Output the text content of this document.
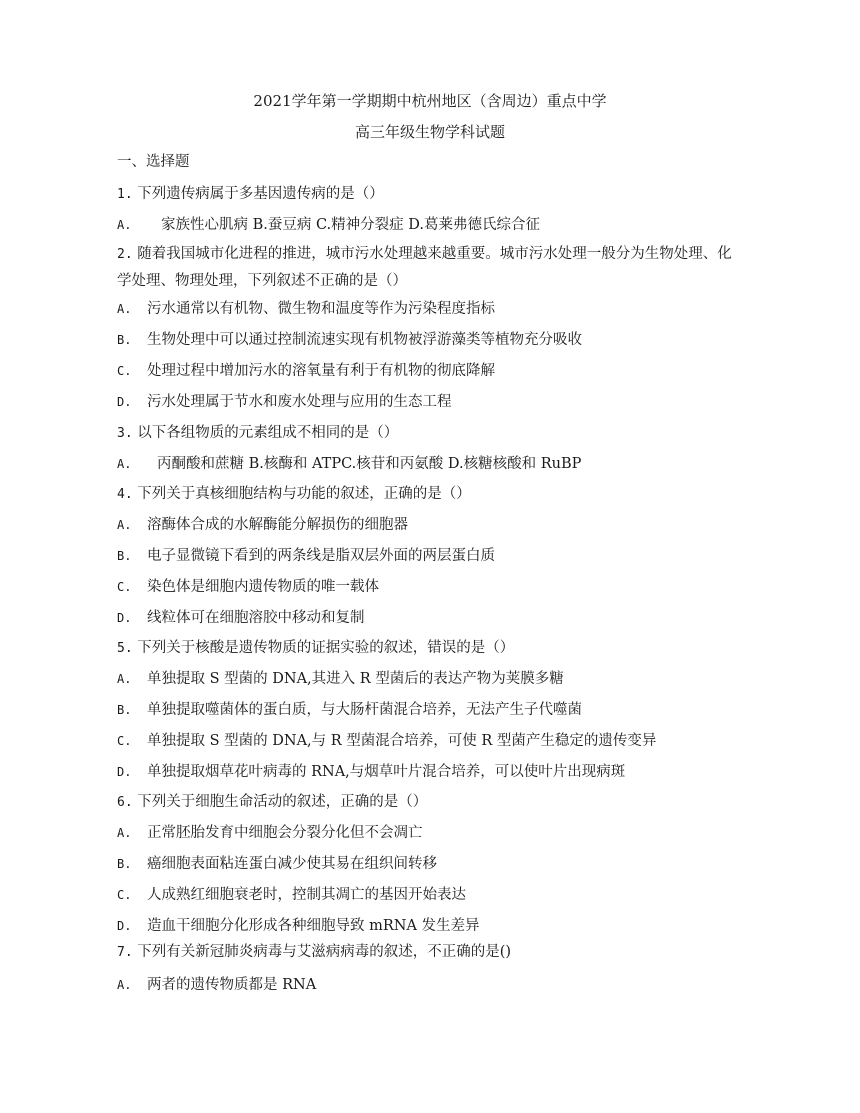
2021学年第一学期期中杭州地区（含周边）重点中学
高三年级生物学科试题
一、选择题
1. 下列遗传病属于多基因遗传病的是（）
A. 家族性心肌病 B.蚕豆病 C.精神分裂症 D.葛莱弗德氏综合征
2. 随着我国城市化进程的推进，城市污水处理越来越重要。城市污水处理一般分为生物处理、化学处理、物理处理，下列叙述不正确的是（）
A. 污水通常以有机物、微生物和温度等作为污染程度指标
B. 生物处理中可以通过控制流速实现有机物被浮游藻类等植物充分吸收
C. 处理过程中增加污水的溶氧量有利于有机物的彻底降解
D. 污水处理属于节水和废水处理与应用的生态工程
3. 以下各组物质的元素组成不相同的是（）
A. 丙酮酸和蔗糖 B.核酶和 ATPC.核苷和丙氨酸 D.核糖核酸和 RuBP
4. 下列关于真核细胞结构与功能的叙述，正确的是（）
A. 溶酶体合成的水解酶能分解损伤的细胞器
B. 电子显微镜下看到的两条线是脂双层外面的两层蛋白质
C. 染色体是细胞内遗传物质的唯一载体
D. 线粒体可在细胞溶胶中移动和复制
5. 下列关于核酸是遗传物质的证据实验的叙述，错误的是（）
A. 单独提取 S 型菌的 DNA,其进入 R 型菌后的表达产物为荚膜多糖
B. 单独提取噬菌体的蛋白质，与大肠杆菌混合培养，无法产生子代噬菌
C. 单独提取 S 型菌的 DNA,与 R 型菌混合培养，可使 R 型菌产生稳定的遗传变异
D. 单独提取烟草花叶病毒的 RNA,与烟草叶片混合培养，可以使叶片出现病斑
6. 下列关于细胞生命活动的叙述，正确的是（）
A. 正常胚胎发育中细胞会分裂分化但不会凋亡
B. 癌细胞表面粘连蛋白减少使其易在组织间转移
C. 人成熟红细胞衰老时，控制其凋亡的基因开始表达
D. 造血干细胞分化形成各种细胞导致 mRNA 发生差异
7. 下列有关新冠肺炎病毒与艾滋病病毒的叙述，不正确的是()
A. 两者的遗传物质都是 RNA
